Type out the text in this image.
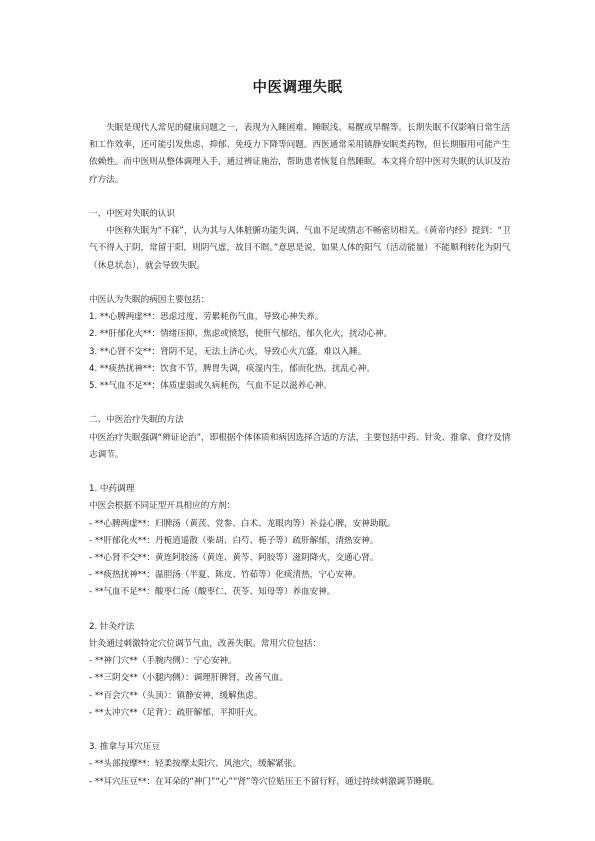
中医调理失眠

失眠是现代人常见的健康问题之一，表现为入睡困难、睡眠浅、易醒或早醒等。长期失眠不仅影响日常生活和工作效率，还可能引发焦虑、抑郁、免疫力下降等问题。西医通常采用镇静安眠类药物，但长期服用可能产生依赖性。而中医则从整体调理入手，通过辨证施治，帮助患者恢复自然睡眠。本文将介绍中医对失眠的认识及治疗方法。

一、中医对失眠的认识

中医称失眠为“不寐”，认为其与人体脏腑功能失调、气血不足或情志不畅密切相关。《黄帝内经》提到：“卫气不得入于阴，常留于阳，则阴气虚，故目不瞑。”意思是说，如果人体的阳气（活动能量）不能顺利转化为阴气（休息状态），就会导致失眠。

中医认为失眠的病因主要包括：

1. **心脾两虚**：思虑过度、劳累耗伤气血，导致心神失养。

2. **肝郁化火**：情绪压抑、焦虑或愤怒，使肝气郁结，郁久化火，扰动心神。

3. **心肾不交**：肾阴不足，无法上济心火，导致心火亢盛，难以入睡。

4. **痰热扰神**：饮食不节，脾胃失调，痰湿内生，郁而化热，扰乱心神。

5. **气血不足**：体质虚弱或久病耗伤，气血不足以滋养心神。

二、中医治疗失眠的方法

中医治疗失眠强调“辨证论治”，即根据个体体质和病因选择合适的方法，主要包括中药、针灸、推拿、食疗及情志调节。

1. 中药调理

中医会根据不同证型开具相应的方剂：

- **心脾两虚**：归脾汤（黄芪、党参、白术、龙眼肉等）补益心脾，安神助眠。

- **肝郁化火**：丹栀逍遥散（柴胡、白芍、栀子等）疏肝解郁，清热安神。

- **心肾不交**：黄连阿胶汤（黄连、黄芩、阿胶等）滋阴降火，交通心肾。

- **痰热扰神**：温胆汤（半夏、陈皮、竹茹等）化痰清热，宁心安神。

- **气血不足**：酸枣仁汤（酸枣仁、茯苓、知母等）养血安神。

2. 针灸疗法

针灸通过刺激特定穴位调节气血，改善失眠。常用穴位包括：

- **神门穴**（手腕内侧）：宁心安神。

- **三阴交**（小腿内侧）：调理肝脾肾，改善气血。

- **百会穴**（头顶）：镇静安神，缓解焦虑。

- **太冲穴**（足背）：疏肝解郁，平抑肝火。

3. 推拿与耳穴压豆

- **头部按摩**：轻柔按摩太阳穴、风池穴，缓解紧张。

- **耳穴压豆**：在耳朵的“神门”“心”“肾”等穴位贴压王不留行籽，通过持续刺激调节睡眠。
